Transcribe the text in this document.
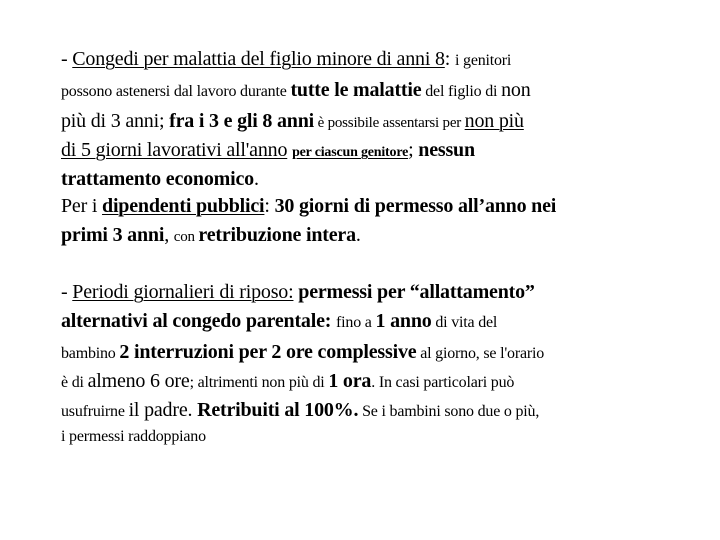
- Congedi per malattia del figlio minore di anni 8: i genitori
possono astenersi dal lavoro durante tutte le malattie del figlio di non
più di 3 anni; fra i 3 e gli 8 anni è possibile assentarsi per non più
di 5 giorni lavorativi all'anno per ciascun genitore; nessun
trattamento economico.
Per i dipendenti pubblici: 30 giorni di permesso all’anno nei
primi 3 anni, con retribuzione intera.
- Periodi giornalieri di riposo: permessi per “allattamento”
alternativi al congedo parentale: fino a 1 anno di vita del
bambino 2 interruzioni per 2 ore complessive al giorno, se l'orario
è di almeno 6 ore; altrimenti non più di 1 ora. In casi particolari può
usufruirne il padre. Retribuiti al 100%. Se i bambini sono due o più,
i permessi raddoppiano
